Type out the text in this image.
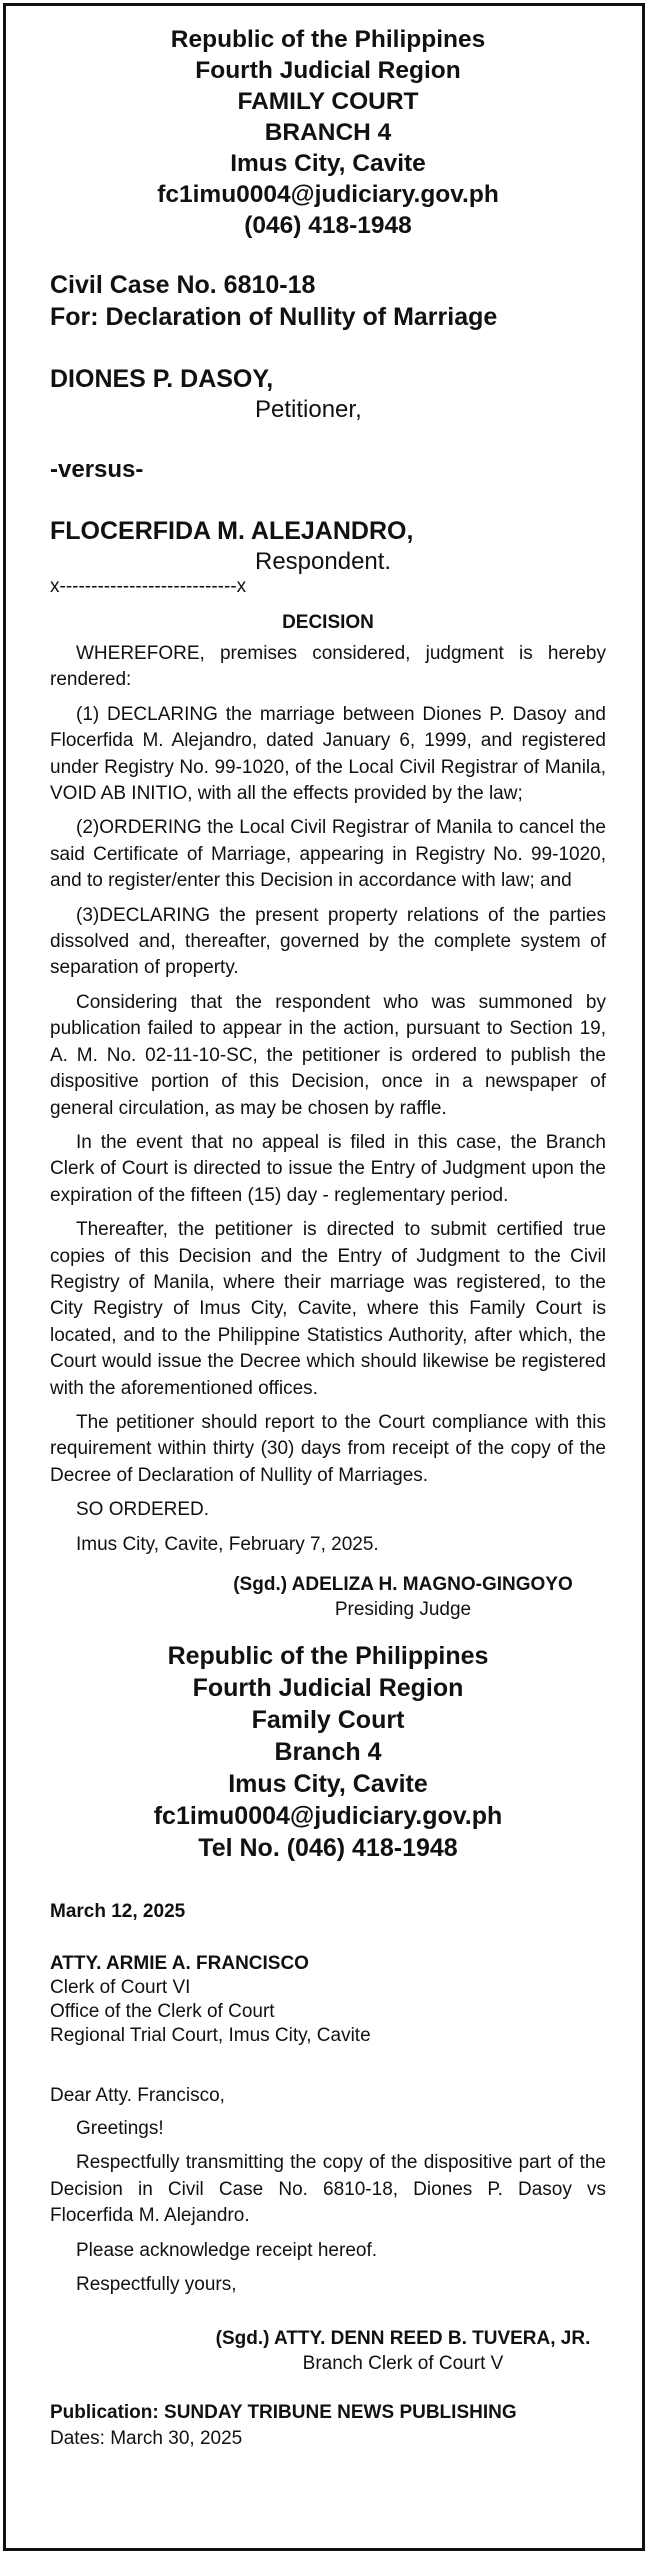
Republic of the Philippines
Fourth Judicial Region
FAMILY COURT
BRANCH 4
Imus City, Cavite
fc1imu0004@judiciary.gov.ph
(046) 418-1948
Civil Case No. 6810-18
For: Declaration of Nullity of Marriage
DIONES P. DASOY,
Petitioner,
-versus-
FLOCERFIDA M. ALEJANDRO,
Respondent.
x----------------------------x
DECISION

WHEREFORE, premises considered, judgment is hereby rendered:

(1) DECLARING the marriage between Diones P. Dasoy and Flocerfida M. Alejandro, dated January 6, 1999, and registered under Registry No. 99-1020, of the Local Civil Registrar of Manila, VOID AB INITIO, with all the effects provided by the law;

(2)ORDERING the Local Civil Registrar of Manila to cancel the said Certificate of Marriage, appearing in Registry No. 99-1020, and to register/enter this Decision in accordance with law; and

(3)DECLARING the present property relations of the parties dissolved and, thereafter, governed by the complete system of separation of property.

Considering that the respondent who was summoned by publication failed to appear in the action, pursuant to Section 19, A. M. No. 02-11-10-SC, the petitioner is ordered to publish the dispositive portion of this Decision, once in a newspaper of general circulation, as may be chosen by raffle.

In the event that no appeal is filed in this case, the Branch Clerk of Court is directed to issue the Entry of Judgment upon the expiration of the fifteen (15) day - reglementary period.

Thereafter, the petitioner is directed to submit certified true copies of this Decision and the Entry of Judgment to the Civil Registry of Manila, where their marriage was registered, to the City Registry of Imus City, Cavite, where this Family Court is located, and to the Philippine Statistics Authority, after which, the Court would issue the Decree which should likewise be registered with the aforementioned offices.

The petitioner should report to the Court compliance with this requirement within thirty (30) days from receipt of the copy of the Decree of Declaration of Nullity of Marriages.

SO ORDERED.

Imus City, Cavite, February 7, 2025.

(Sgd.) ADELIZA H. MAGNO-GINGOYO
Presiding Judge
Republic of the Philippines
Fourth Judicial Region
Family Court
Branch 4
Imus City, Cavite
fc1imu0004@judiciary.gov.ph
Tel No. (046) 418-1948
March 12, 2025
ATTY. ARMIE A. FRANCISCO
Clerk of Court VI
Office of the Clerk of Court
Regional Trial Court, Imus City, Cavite
Dear Atty. Francisco,

Greetings!

Respectfully transmitting the copy of the dispositive part of the Decision in Civil Case No. 6810-18, Diones P. Dasoy vs Flocerfida M. Alejandro.

Please acknowledge receipt hereof.

Respectfully yours,

(Sgd.) ATTY. DENN REED B. TUVERA, JR.
Branch Clerk of Court V
Publication: SUNDAY TRIBUNE NEWS PUBLISHING
Dates: March 30, 2025
